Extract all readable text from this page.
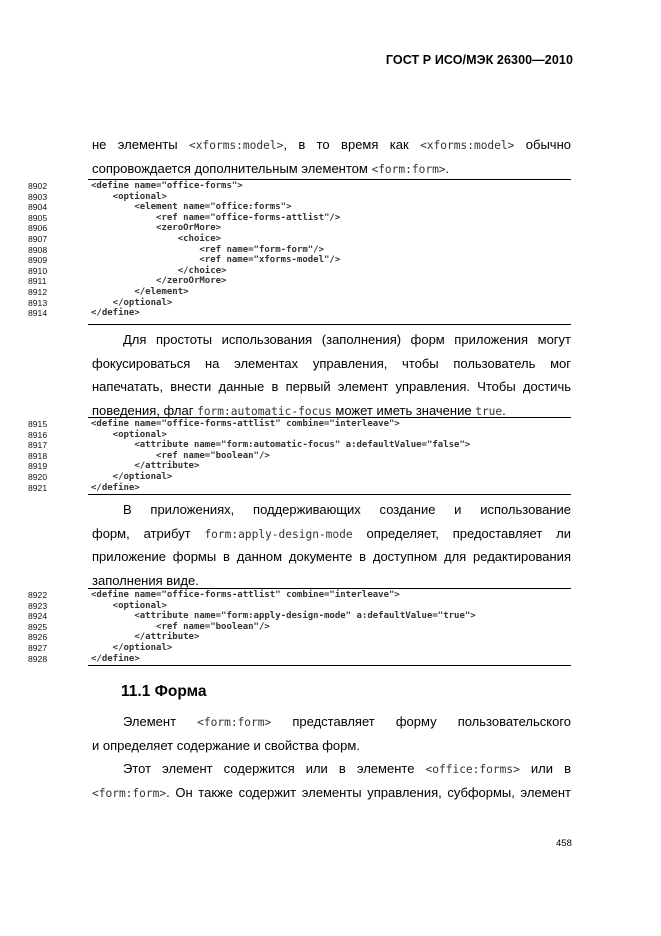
ГОСТ Р ИСО/МЭК 26300—2010
не элементы <xforms:model>, в то время как <xforms:model> обычно
сопровождается дополнительным элементом <form:form>.
8902	<define name="office-forms">
8903	<optional>
8904	<element name="office:forms">
8905	<ref name="office-forms-attlist"/>
8906	<zeroOrMore>
8907	<choice>
8908	<ref name="form-form"/>
8909	<ref name="xforms-model"/>
8910	</choice>
8911	</zeroOrMore>
8912	</element>
8913	</optional>
8914	</define>
Для простоты использования (заполнения) форм приложения могут
фокусироваться на элементах управления, чтобы пользователь мог
напечатать, внести данные в первый элемент управления. Чтобы достичь
поведения, флаг form:automatic-focus может иметь значение true.
8915	<define name="office-forms-attlist" combine="interleave">
8916	<optional>
8917	<attribute name="form:automatic-focus" a:defaultValue="false">
8918	<ref name="boolean"/>
8919	</attribute>
8920	</optional>
8921	</define>
В приложениях, поддерживающих создание и использование
форм, атрибут form:apply-design-mode определяет, предоставляет ли
приложение формы в данном документе в доступном для редактирования
заполнения виде.
8922	<define name="office-forms-attlist" combine="interleave">
8923	<optional>
8924	<attribute name="form:apply-design-mode" a:defaultValue="true">
8925	<ref name="boolean"/>
8926	</attribute>
8927	</optional>
8928	</define>
11.1 Форма
Элемент <form:form> представляет форму пользовательского
и определяет содержание и свойства форм.
Этот элемент содержится или в элементе <office:forms> или в
<form:form>. Он также содержит элементы управления, субформы, элемент
458
